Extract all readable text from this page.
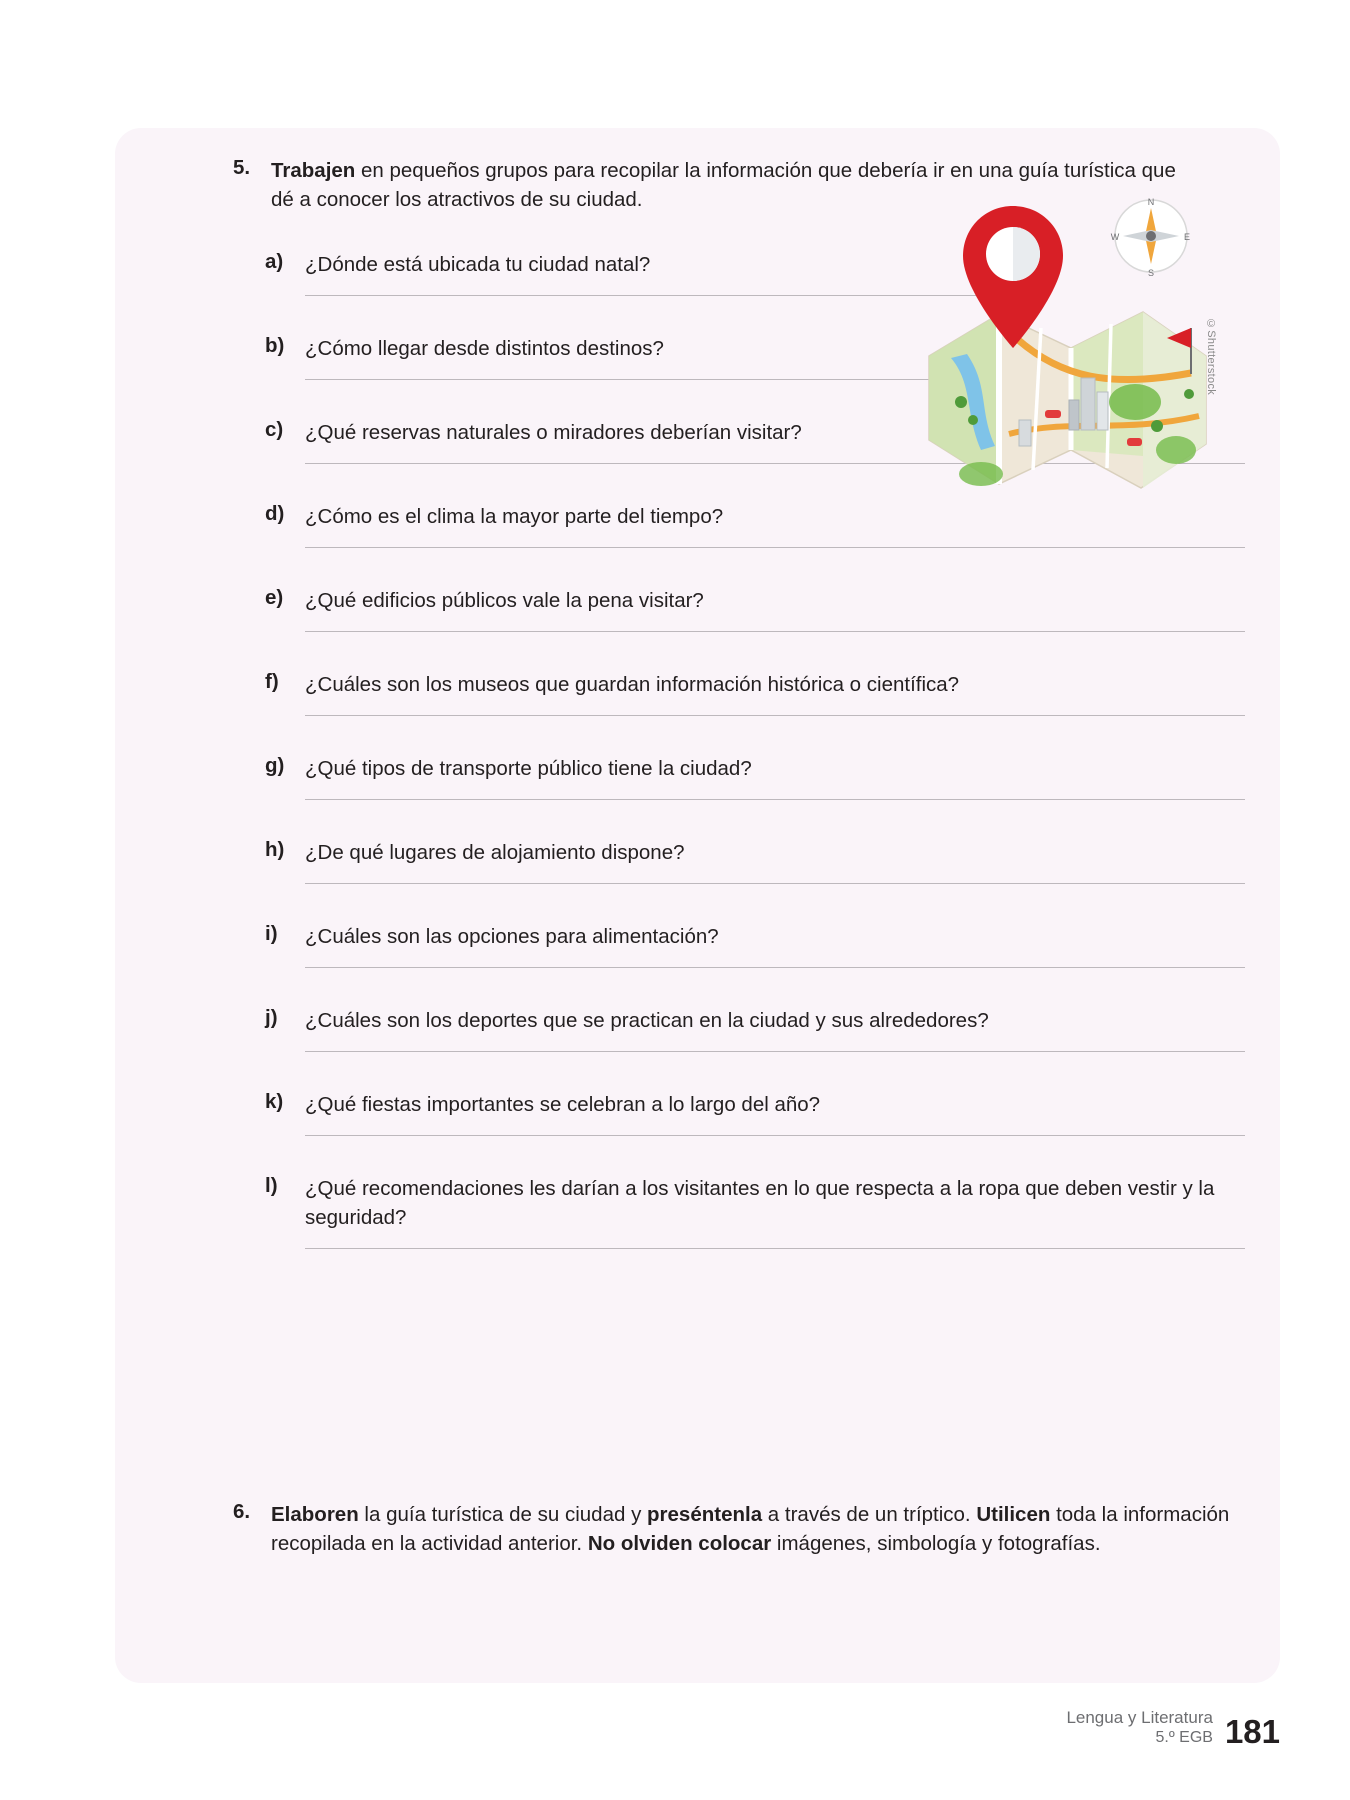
5.	Trabajen en pequeños grupos para recopilar la información que debería ir en una guía turística que dé a conocer los atractivos de su ciudad.
a)	¿Dónde está ubicada tu ciudad natal?
b)	¿Cómo llegar desde distintos destinos?
c)	¿Qué reservas naturales o miradores deberían visitar?
d)	¿Cómo es el clima la mayor parte del tiempo?
e)	¿Qué edificios públicos vale la pena visitar?
f)	¿Cuáles son los museos que guardan información histórica o científica?
g)	¿Qué tipos de transporte público tiene la ciudad?
h)	¿De qué lugares de alojamiento dispone?
i)	¿Cuáles son las opciones para alimentación?
j)	¿Cuáles son los deportes que se practican en la ciudad y sus alrededores?
k)	¿Qué fiestas importantes se celebran a lo largo del año?
l)	¿Qué recomendaciones les darían a los visitantes en lo que respecta a la ropa que deben vestir y la seguridad?
N
S
E
W
©Shutterstock
6.	Elaboren la guía turística de su ciudad y preséntenla a través de un tríptico. Utilicen toda la información recopilada en la actividad anterior. No olviden colocar imágenes, simbología y fotografías.
Lengua y Literatura
5.º EGB 181
